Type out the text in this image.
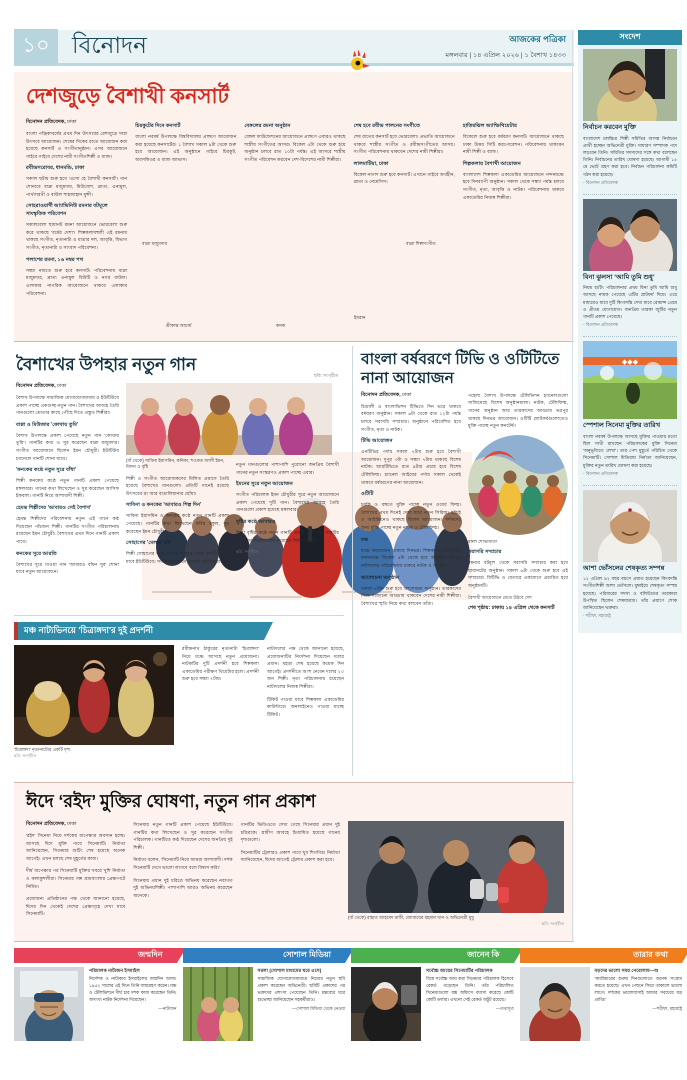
১০ বিনোদন	আজকের পত্রিকা
মঙ্গলবার | ১৪ এপ্রিল ২০২৬ | ১ বৈশাখ ১৪৩৩
দেশজুড়ে বৈশাখী কনসার্ট
বিনোদন প্রতিবেদক, ঢাকা

বাংলা পঞ্জিকাবর্ষের প্রথম দিন উৎসবের রেশজুড়ে সারা উৎসবে আয়োজন। শেষের দিকের রাতে আয়োজন করা হয়েছে কনসার্ট ও সংগীতানুষ্ঠান। এসব আয়োজনে গাইবে গাইবে দেশের নামী সংগীতশিল্পী ও ব্যান্ড।

রবীন্দ্রসরোবর, ধানমন্ডি, ঢাকা

সকাল ছটায় শুরু হবে 'এসো হে বৈশাখী কনসার্ট'। গান শোনাবে বাপ্পা মজুমদার, মিউজেশ, ব্রাত্য, এনামুল, পার্থসারথী ও বাউল শাহজাহান মুন্সী।

সোহরাওয়ার্দী আ্যাভিনিউ রমনার বটমূলে সাংস্কৃতিক পরিবেশন

সকালবেলা ছায়ানট রমনা আয়োজনে ভোরবেলা শুরু করে থাকছে 'বর্ষের দেশা'। শিল্পকলাবহুলী এই রমনায় থাকছে সংগীত, নৃত্যনাট্য ও যাত্রার দল, আবৃত্তি, বিভাগ সংগীত, নৃত্যনাট্য ও সাংবাদ পরিবেশনা।

পলাশের রমনা, ১৬ নম্বর পথ

সন্ধ্যা নামতে শুরু হবে কনসার্ট। পরিবেশনায় বাপ্পা মজুমদার, ব্রাত্য এনামুল বিউটি ও নগর বাউল। এলাকার নাগরিক আয়োজনে থাকবে এলাকার পরিবেশনা।

চিরকুটের দিনে কনসার্ট

বাংলা নববর্ষ উপলক্ষে বিশ্ববিদ্যালয় প্রাঙ্গণে আয়োজন করা হয়েছে কনসার্টের। ১ বৈশাখ সকাল ৯টা থেকে শুরু হবে আয়োজন। এই অনুষ্ঠানে গাইবে চিরকুট, অবসকিওর ও ব্যান্ড আভাস।

বেঙ্গলের রমনা অনুষ্ঠান

বেঙ্গল ফাউন্ডেশনের আয়োজনে প্রাঙ্গণে এবারও থাকছে শাস্ত্রীয় সংগীতের আসর। বিকেল ৫টা থেকে শুরু হয়ে অনুষ্ঠান চলবে রাত ১০টা পর্যন্ত। এই আসরে শাস্ত্রীয় সংগীত পরিবেশন করবেন দেশ-বিদেশের নামী শিল্পীরা।

শেষ হবে রবীন্দ্র পালনের সংগীতে

শেষ রাতের কনসার্ট হবে ভোরবেলা। প্রভাতি আয়োজনে থাকবে শাস্ত্রীয় সংগীত ও রবীন্দ্রসংগীতের আসর। সংগীত পরিবেশনায় থাকবেন দেশের নামী শিল্পীরা।

লালমাটিয়া, ঢাকা

বিকেল নাগাদ শুরু হবে কনসার্ট। এখানে গাইবে অর্থহীন, ব্রাত্য ও নেমেসিস।

হাতিরঝিল অ্যাম্ফিথিয়েটার

বিকেলে শুরু হবে বর্ষবরণ কনসার্ট। আয়োজনে থাকছে ঢাকা উত্তর সিটি করপোরেশন। পরিবেশনায় থাকবেন নামী শিল্পী ও ব্যান্ড।

শিল্পকলায় বৈশাখী আয়োজন

বাংলাদেশ শিল্পকলা একাডেমির আয়োজনে নন্দনমঞ্চে হবে দিনব্যাপী অনুষ্ঠান। সকাল থেকে সন্ধ্যা পর্যন্ত চলবে সংগীত, নৃত্য, আবৃত্তি ও নাটক। পরিবেশনায় থাকবে একাডেমির নিজস্ব শিল্পীরা।

বাপ্পা মজুমদার
শ্রীকান্ত আচার্য	কনক
ইমরান
বাপ্পা শিল্পসংগীত
ছবি: সংগৃহীত
বৈশাখের উপহার নতুন গান
বিনোদন প্রতিবেদক, ঢাকা

বৈশাখ উপলক্ষে সামাজিক যোগাযোগমাধ্যম ও ইউটিউবে প্রকাশ পাচ্ছে একগুচ্ছ নতুন গান। বৈশাখের আবহে তৈরি গানগুলো শ্রোতার কাছে পৌঁছে দিতে প্রস্তুত শিল্পীরা।

বাপ্পা ও মিউজার 'কোথায় তুমি'

বৈশাখ উপলক্ষে প্রকাশ পেয়েছে নতুন গান 'কোথায় তুমি'। গানটির কথা ও সুর করেছেন বাপ্পা মজুমদার। সংগীত আয়োজনে ছিলেন ইমন চৌধুরী। ইউটিউব চ্যানেলে গানটি শোনা যাবে।

'কনকের কণ্ঠে নতুন সুরে বাঁধা'

শিল্পী কনকের কণ্ঠে নতুন গানটি প্রকাশ পেয়েছে মঙ্গলবার। গানের কথা লিখেছেন ও সুর করেছেন আসিফ ইকবাল। গানটি নিয়ে আশাবাদী শিল্পী।

হেমন্ত শিল্পীদের 'আবারও সেই বৈশাখ'

হেমন্ত শিল্পীদের পরিবেশনায় নতুন এই গানে কণ্ঠ দিয়েছেন পাঁচজন শিল্পী। গানটির সংগীত পরিচালনায় রয়েছেন ইমন চৌধুরী। বৈশাখের প্রথম দিনে গানটি প্রকাশ পাবে।

কনকের সুরে আরতি

বৈশাখের সুরে গাওয়া গান 'আবারও বাঁধন সুর' শোনা যাবে নতুন আয়োজনে।

(বাঁ থেকে) সাবিনা ইয়াসমিন, কনিকা, শওকত আলী ইমন, মিলন ও বৃষ্টি

শিল্পী ও সংগীত আয়োজকদের মিলিত প্রয়াসে তৈরি হয়েছে বৈশাখের গানগুলো। প্রতিটি গানেই রয়েছে উৎসবের রং আর বাঙালিয়ানার ছোঁয়া।

সাবিনা ও কনকের 'আবারও শিল্প দিন'

সাবিনা ইয়াসমিন ও কনকের কণ্ঠে নতুন গানটি প্রকাশ পেয়েছে। গানটির কথা লিখেছেন কবির বকুল, সুর করেছেন ইমন চৌধুরী।

সোহাগের 'মেলায় যাই'

শিল্পী সোহাগের কণ্ঠে মেলার আবহে তৈরি গানটি শোনা যাবে ইউটিউবে। সংগীতায়োজনে ছিলেন পার্থ বড়ুয়া।

নতুন গানগুলোর পাশাপাশি পুরোনো জনপ্রিয় বৈশাখী গানের নতুন সংস্করণও প্রকাশ পাচ্ছে এবার।

ইমনের সুরে নতুন আয়োজন

সংগীত পরিচালক ইমন চৌধুরীর সুরে নতুন আয়োজনে প্রকাশ পেয়েছে দুটি গান। বৈশাখের আবহে তৈরি গানগুলো প্রকাশ হয়েছে মঙ্গলবার।

বৃষ্টির কণ্ঠে আবারও

শিল্পী বৃষ্টির কণ্ঠে নতুন গানটি প্রকাশ পেয়েছে। গানটির সুর ও সংগীতায়োজন করেছেন মিলন মাহমুদ।

ছবি: সংগৃহীত
বাংলা বর্ষবরণে টিভি ও ওটিটিতে নানা আয়োজন
বিনোদন প্রতিবেদক, ঢাকা

চিত্রালী ও বাংলাভিশন টিভিতে দিন ভরে থাকবে বর্ষবরণ অনুষ্ঠান। সকাল ৬টা থেকে রাত ১২টা পর্যন্ত চলবে সরাসরি সম্প্রচার। অনুষ্ঠানে পরিবেশিত হবে সংগীত, নৃত্য ও নাটক।

টিভি আয়োজন

এনটিভির পর্দায় সকাল ৭টায় শুরু হবে বৈশাখী আয়োজন। দুপুর ৩টা ও সন্ধ্যা ৭টায় থাকছে বিশেষ নাটক। আরটিভিতে রাত ৯টায় প্রচার হবে বিশেষ টেলিফিল্ম। চ্যানেল আইয়ের পর্দায় সকাল থেকেই থাকবে বর্ষবরণের নানা আয়োজন।

ওটিটি

চরকি ও বঙ্গতে মুক্তি পাচ্ছে নতুন ওয়েব ফিল্ম। বৈশাখের প্রথম দিনেই দেখা যাবে নতুন সিরিজ। হইচই ও আইস্ক্রিনেও থাকছে বিশেষ আয়োজন। দর্শকদের জন্য মুক্তি পাচ্ছে নতুন নাটক ও টেলিফিল্ম।

মঞ্চ

মঞ্চে আয়োজন থাকছে দিনভর। শিল্পকলা একাডেমির নন্দনমঞ্চে বিকেল ৫টা থেকে হবে অনুষ্ঠান। বিভিন্ন নাট্যদলের পরিবেশনায় থাকবে নাটক ও আবৃত্তি।

আলোচনা অনুষ্ঠান

সকাল ৮টায় শুরু হবে আলোচনা অনুষ্ঠান। তারকাদের নিয়ে সাজানো আড্ডায় থাকবেন দেশের নামী শিল্পীরা। বৈশাখের স্মৃতি নিয়ে কথা বলবেন তাঁরা।

পহেলা বৈশাখ উপলক্ষে টেলিভিশন চ্যানেলগুলো সাজিয়েছে বিশেষ অনুষ্ঠানমালা। নাটক, টেলিফিল্ম, গানের অনুষ্ঠান আর তারকাদের আড্ডায় ভরপুর থাকছে দিনভর আয়োজন। ওটিটি প্ল্যাটফর্মগুলোতেও মুক্তি পাচ্ছে নতুন কনটেন্ট।

মঙ্গল শোভাযাত্রা
সরাসরি সম্প্রচার

রমনার বটমূল থেকে সরাসরি সম্প্রচার করা হবে ছায়ানটের অনুষ্ঠান। সকাল ৬টা থেকে শুরু হবে এই সম্প্রচার। বিটিভি ও বেতারে একযোগে প্রচারিত হবে অনুষ্ঠানটি।

বৈশাখী আয়োজনে মেতে উঠবে দেশ
শেষ পৃষ্ঠায়: ঢাকায় ১৪ এপ্রিল থেকে কনসার্ট
মঞ্চ নাট্যভিনয়ে 'চিত্রাঙ্গদা'র দুই প্রদর্শনী
'চিত্রাঙ্গদা' নৃত্যনাট্যের একটি দৃশ্য
ছবি: সংগৃহীত

রবীন্দ্রনাথ ঠাকুরের নৃত্যনাট্য 'চিত্রাঙ্গদা' নিয়ে মঞ্চে আসছে নতুন প্রযোজনা। নাটকটির দুটি প্রদর্শনী হবে শিল্পকলা একাডেমির পরীক্ষণ থিয়েটার হলে। প্রদর্শনী শুরু হবে সন্ধ্যা ৭টায়।

নাট্যদলের পক্ষ থেকে জানানো হয়েছে, প্রযোজনাটির নির্দেশনা দিয়েছেন দলের প্রধান। মহড়া শেষ হয়েছে কয়েক দিন আগেই। প্রদর্শনীতে অংশ নেবেন দলের ২০ জন শিল্পী। নৃত্য পরিচালনায় রয়েছেন নাট্যদলের নিজস্ব শিল্পীরা।

টিকিট পাওয়া যাবে শিল্পকলা একাডেমির কাউন্টারে। অনলাইনেও পাওয়া যাচ্ছে টিকিট।

ঈদে ‘রইদ’ মুক্তির ঘোষণা, নতুন গান প্রকাশ
বিনোদন প্রতিবেদক, ঢাকা

'রইদ' সিনেমা নিয়ে দর্শকের অপেক্ষার অবসান হচ্ছে। আসছে ঈদে মুক্তি পাবে সিনেমাটি। নির্মাতা জানিয়েছেন, সিনেমার শুটিং শেষ হয়েছে অনেক আগেই। এখন চলছে শেষ মুহূর্তের কাজ।

দীর্ঘ অপেক্ষার পর সিনেমাটি মুক্তির খবরে খুশি নির্মাতা ও কলাকুশলীরা। সিনেমার গল্প গ্রামবাংলার প্রেক্ষাপটে নির্মিত।

প্রযোজনা প্রতিষ্ঠানের পক্ষ থেকে জানানো হয়েছে, ঈদের দিন থেকেই দেশের প্রেক্ষাগৃহে দেখা যাবে সিনেমাটি।

সিনেমার নতুন গানটি প্রকাশ পেয়েছে ইউটিউবে। গানটির কথা লিখেছেন ও সুর করেছেন সংগীত পরিচালক। গানটিতে কণ্ঠ দিয়েছেন দেশের জনপ্রিয় দুই শিল্পী।

নির্মাতা বলেন, 'সিনেমাটি নিয়ে আমরা আশাবাদী। দর্শক সিনেমাটি দেখে ভালো লাগবে বলে বিশ্বাস করি।'

সিনেমায় প্রধান দুই চরিত্রে অভিনয় করেছেন নবাগত দুই অভিনয়শিল্পী। পাশাপাশি আরও অভিনয় করেছেন অনেকে।

গানটির ভিডিওতে দেখা গেছে সিনেমার প্রধান দুই চরিত্রকে। গ্রামীণ আবহে চিত্রায়িত হয়েছে গানের দৃশ্যগুলো।

সিনেমাটির ট্রেলারও প্রকাশ পাবে খুব শিগগির। নির্মাতা জানিয়েছেন, ঈদের আগেই ট্রেলার প্রকাশ করা হবে।

(বাঁ থেকে) রাহাত আহমেদ রাফী, জোবায়ের রহমান খান ও অভিনেত্রী মুমু
ছবি: সংগৃহীত
সংদেশ
নির্বাচন করবেন মুক্তি

বাংলাদেশ চলচ্চিত্র শিল্পী সমিতির আসন্ন নির্বাচনে প্রার্থী হচ্ছেন অভিনেত্রী মুক্তি। সাধারণ সম্পাদক পদে লড়বেন তিনি। সমিতির সদস্যদের সঙ্গে কথা বলেছেন তিনি। নির্বাচনের তারিখ ঘোষণা হয়েছে। আগামী ১৫ মে ভোট গ্রহণ করা হবে। নির্বাচন পরিচালনা কমিটি গঠন করা হয়েছে।

- বিনোদন প্রতিবেদক
বিনা ঝুলসা ‘আমি তুমি শুধু’

নিয়ম শুটিং পরিচালনার প্রথম বিনা তুমি আমি শুধু আসছে নায়ক পেয়েছে এটির প্লাটফর্ম দিয়ে। এরে মাধ্যমেও যাবে দুটি কিংবদন্তি দেখা যাবে রোমান্স প্রেমে ও প্রীতম যোগাযোগ। জনপ্রিয় তারকা জুটির নতুন গানটি প্রকাশ পেয়েছে।

- বিনোদন প্রতিবেদক
◆◆◆
স্পেশাল সিনেমা মুক্তির তারিখ

বাংলা নববর্ষ উপলক্ষে আসছে মুক্তির পাওয়ার মতো ছিল সাথী রাখছেন পরিচালকের মুক্তি সিনেমা 'অনুভূতিতে লেখা'। তার পেশ মুহূর্তে পরিচিত থেকে সিনেমাটি। সোশাল মিডিয়ায় নির্মাতা জানিয়েছেন, মুক্তির নতুন তারিখ ঘোষণা করা হয়েছে।

- বিনোদন প্রতিবেদক
আশা ভোঁসলের শেষকৃত্য সম্পন্ন

১২ এপ্রিল ৯২ বছর বয়সে প্রয়াত হয়েছেন কিংবদন্তি সংগীতশিল্পী আশা ভোঁসলে। মুম্বাইয়ে শেষকৃত্য সম্পন্ন হয়েছে। পরিবারের সদস্য ও বলিউডের তারকারা উপস্থিত ছিলেন শেষযাত্রায়। তাঁর প্রয়াণে শোক জানিয়েছেন ভক্তরা।

- শরীফা, মহারাষ্ট্র
জন্মদিন
পরিচালক নাট্যজন ইসমাইল
নির্দেশক ও নাট্যকার ইসমাইলের জন্মদিন আজ। ১৯৫২ সালের এই দিনে তিনি জন্মগ্রহণ করেন। মঞ্চ ও টেলিভিশনে দীর্ঘ চার দশক কাজ করেছেন তিনি। অসংখ্য নাটক নির্দেশনা দিয়েছেন।
—নাট্যজন
সোশাল মিডিয়া
সরলা (সোশাল মাধ্যমের ঘরে এসে)
সামাজিক যোগাযোগমাধ্যমে নিজের নতুন ছবি প্রকাশ করেছেন অভিনেত্রী। ছবিটি প্রকাশের পর ভক্তদের প্রশংসা পেয়েছেন তিনি। মন্তব্যের ঘরে শুভেচ্ছা জানিয়েছেন সহকর্মীরাও।
—সোশাল মিডিয়া থেকে নেওয়া
জানেন কি
সর্বোচ্চ আয়ের সিনেমাটির পরিচালক
বিশ্বে সর্বোচ্চ আয় করা সিনেমার পরিচালক হিসেবে রেকর্ড গড়েছেন তিনি। তাঁর পরিচালিত সিনেমাগুলো বক্স অফিসে ব্যবসা করেছে কোটি কোটি ডলার। এখনো সেই রেকর্ড অটুট রয়েছে।
—তথ্যসূত্র
তারার কথা
বড়দের ভালো সময় পেরোলাম—শু
'ক্যারিয়ারের শুরুর দিনগুলোতে অনেক সংগ্রাম করতে হয়েছে। এখন পেছনে ফিরে তাকালে ভালো লাগে। দর্শকের ভালোবাসাই আমার সবচেয়ে বড় প্রাপ্তি।'
—শরীফা, মহারাষ্ট্র
